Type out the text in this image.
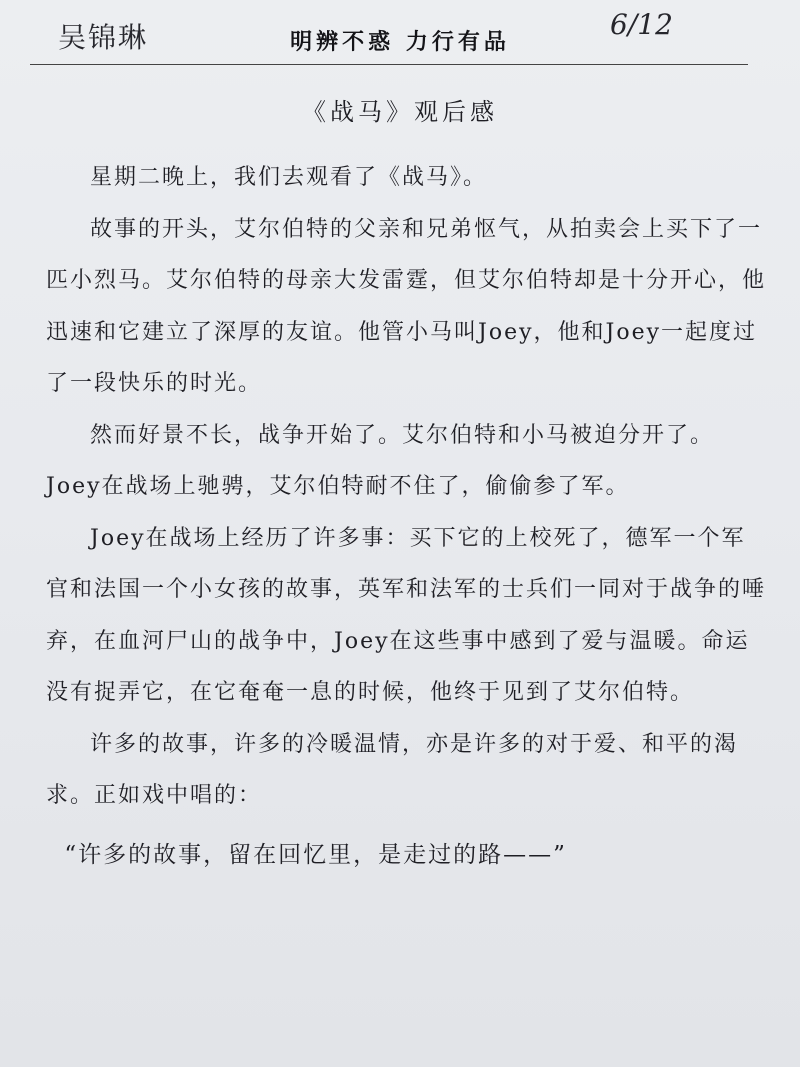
吴锦琳	明辨不惑 力行有品
6/12
《战马》观后感

星期二晚上，我们去观看了《战马》。

故事的开头，艾尔伯特的父亲和兄弟怄气，从拍卖会上买下了一匹小烈马。艾尔伯特的母亲大发雷霆，但艾尔伯特却是十分开心，他迅速和它建立了深厚的友谊。他管小马叫Joey，他和Joey一起度过了一段快乐的时光。

然而好景不长，战争开始了。艾尔伯特和小马被迫分开了。Joey在战场上驰骋，艾尔伯特耐不住了，偷偷参了军。

Joey在战场上经历了许多事：买下它的上校死了，德军一个军官和法国一个小女孩的故事，英军和法军的士兵们一同对于战争的唾弃，在血河尸山的战争中，Joey在这些事中感到了爱与温暖。命运没有捉弄它，在它奄奄一息的时候，他终于见到了艾尔伯特。

许多的故事，许多的冷暖温情，亦是许多的对于爱、和平的渴求。正如戏中唱的：

“许多的故事，留在回忆里，是走过的路——”
